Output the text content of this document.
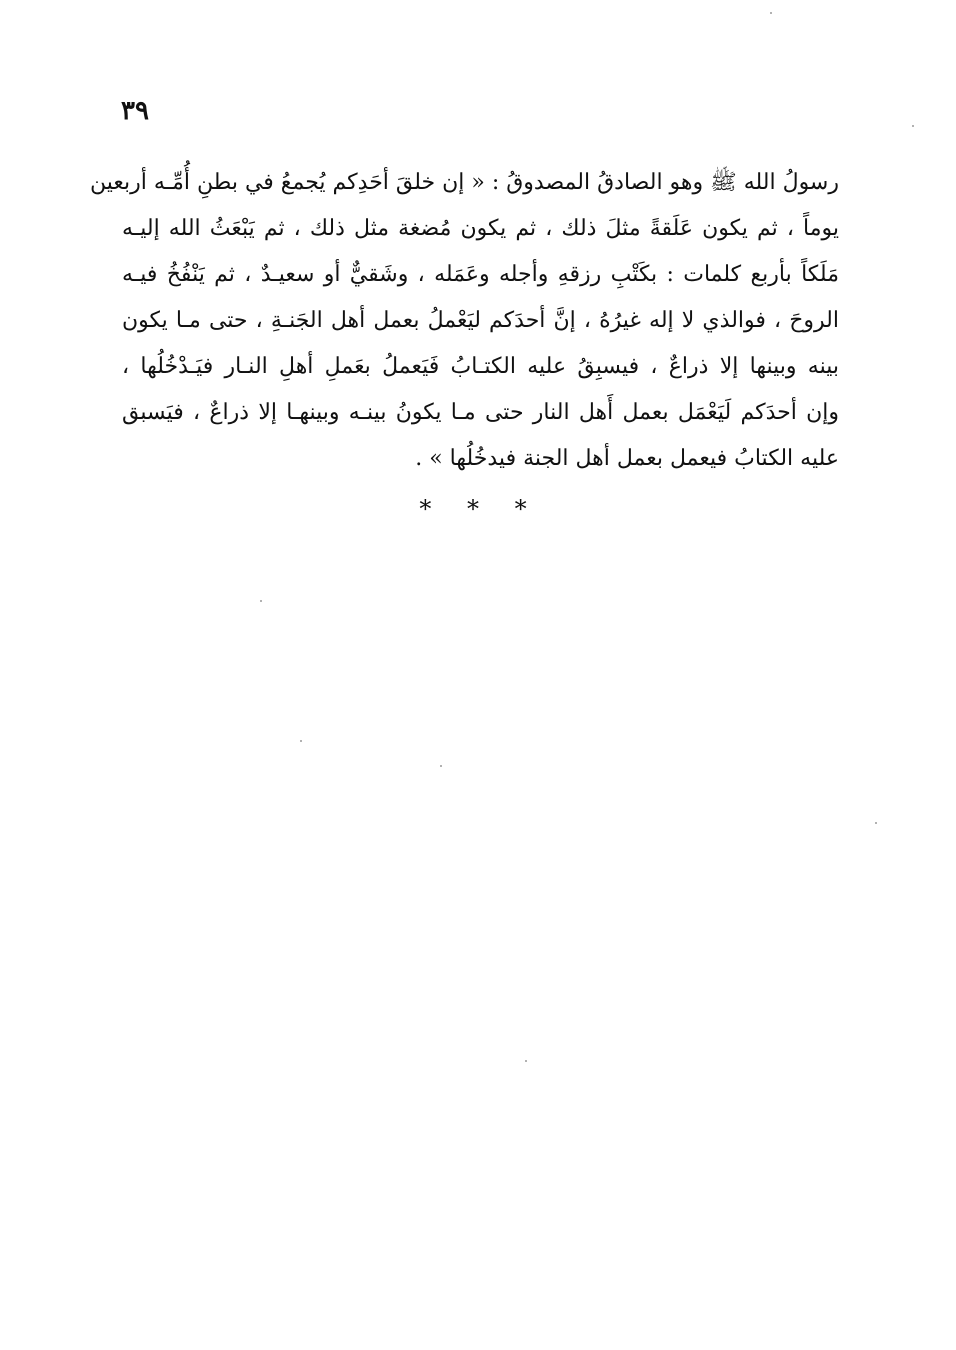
٣٩
رسولُ الله ﷺ وهو الصادقُ المصدوقُ : « إن خلقَ أحَدِكم يُجمعُ في بطنِ أُمِّـه أربعين
يوماً ، ثم يكون عَلَقةً مثلَ ذلك ، ثم يكون مُضغة مثل ذلك ، ثم يَبْعَثُ الله إليـه
مَلَكاً بأربع كلمات : بكَتْبِ رزقهِ وأجله وعَمَله ، وشَقيٌّ أو سعيـدٌ ، ثم يَنْفُخُ فيـه
الروحَ ، فوالذي لا إله غيرُهُ ، إنَّ أحدَكم ليَعْملُ بعمل أهل الجَنـةِ ، حتى مـا يكون
بينه وبينها إلا ذراعٌ ، فيسبِقُ عليه الكتـابُ فَيَعملُ بعَملِ أهلِ النـار فيَـدْخُلُها ،
وإن أحدَكم لَيَعْمَل بعمل أَهل النار حتى مـا يكونُ بينـه وبينهـا إلا ذراعٌ ، فيَسبق
عليه الكتابُ فيعمل بعمل أهل الجنة فيدخُلُها » .
* * *
